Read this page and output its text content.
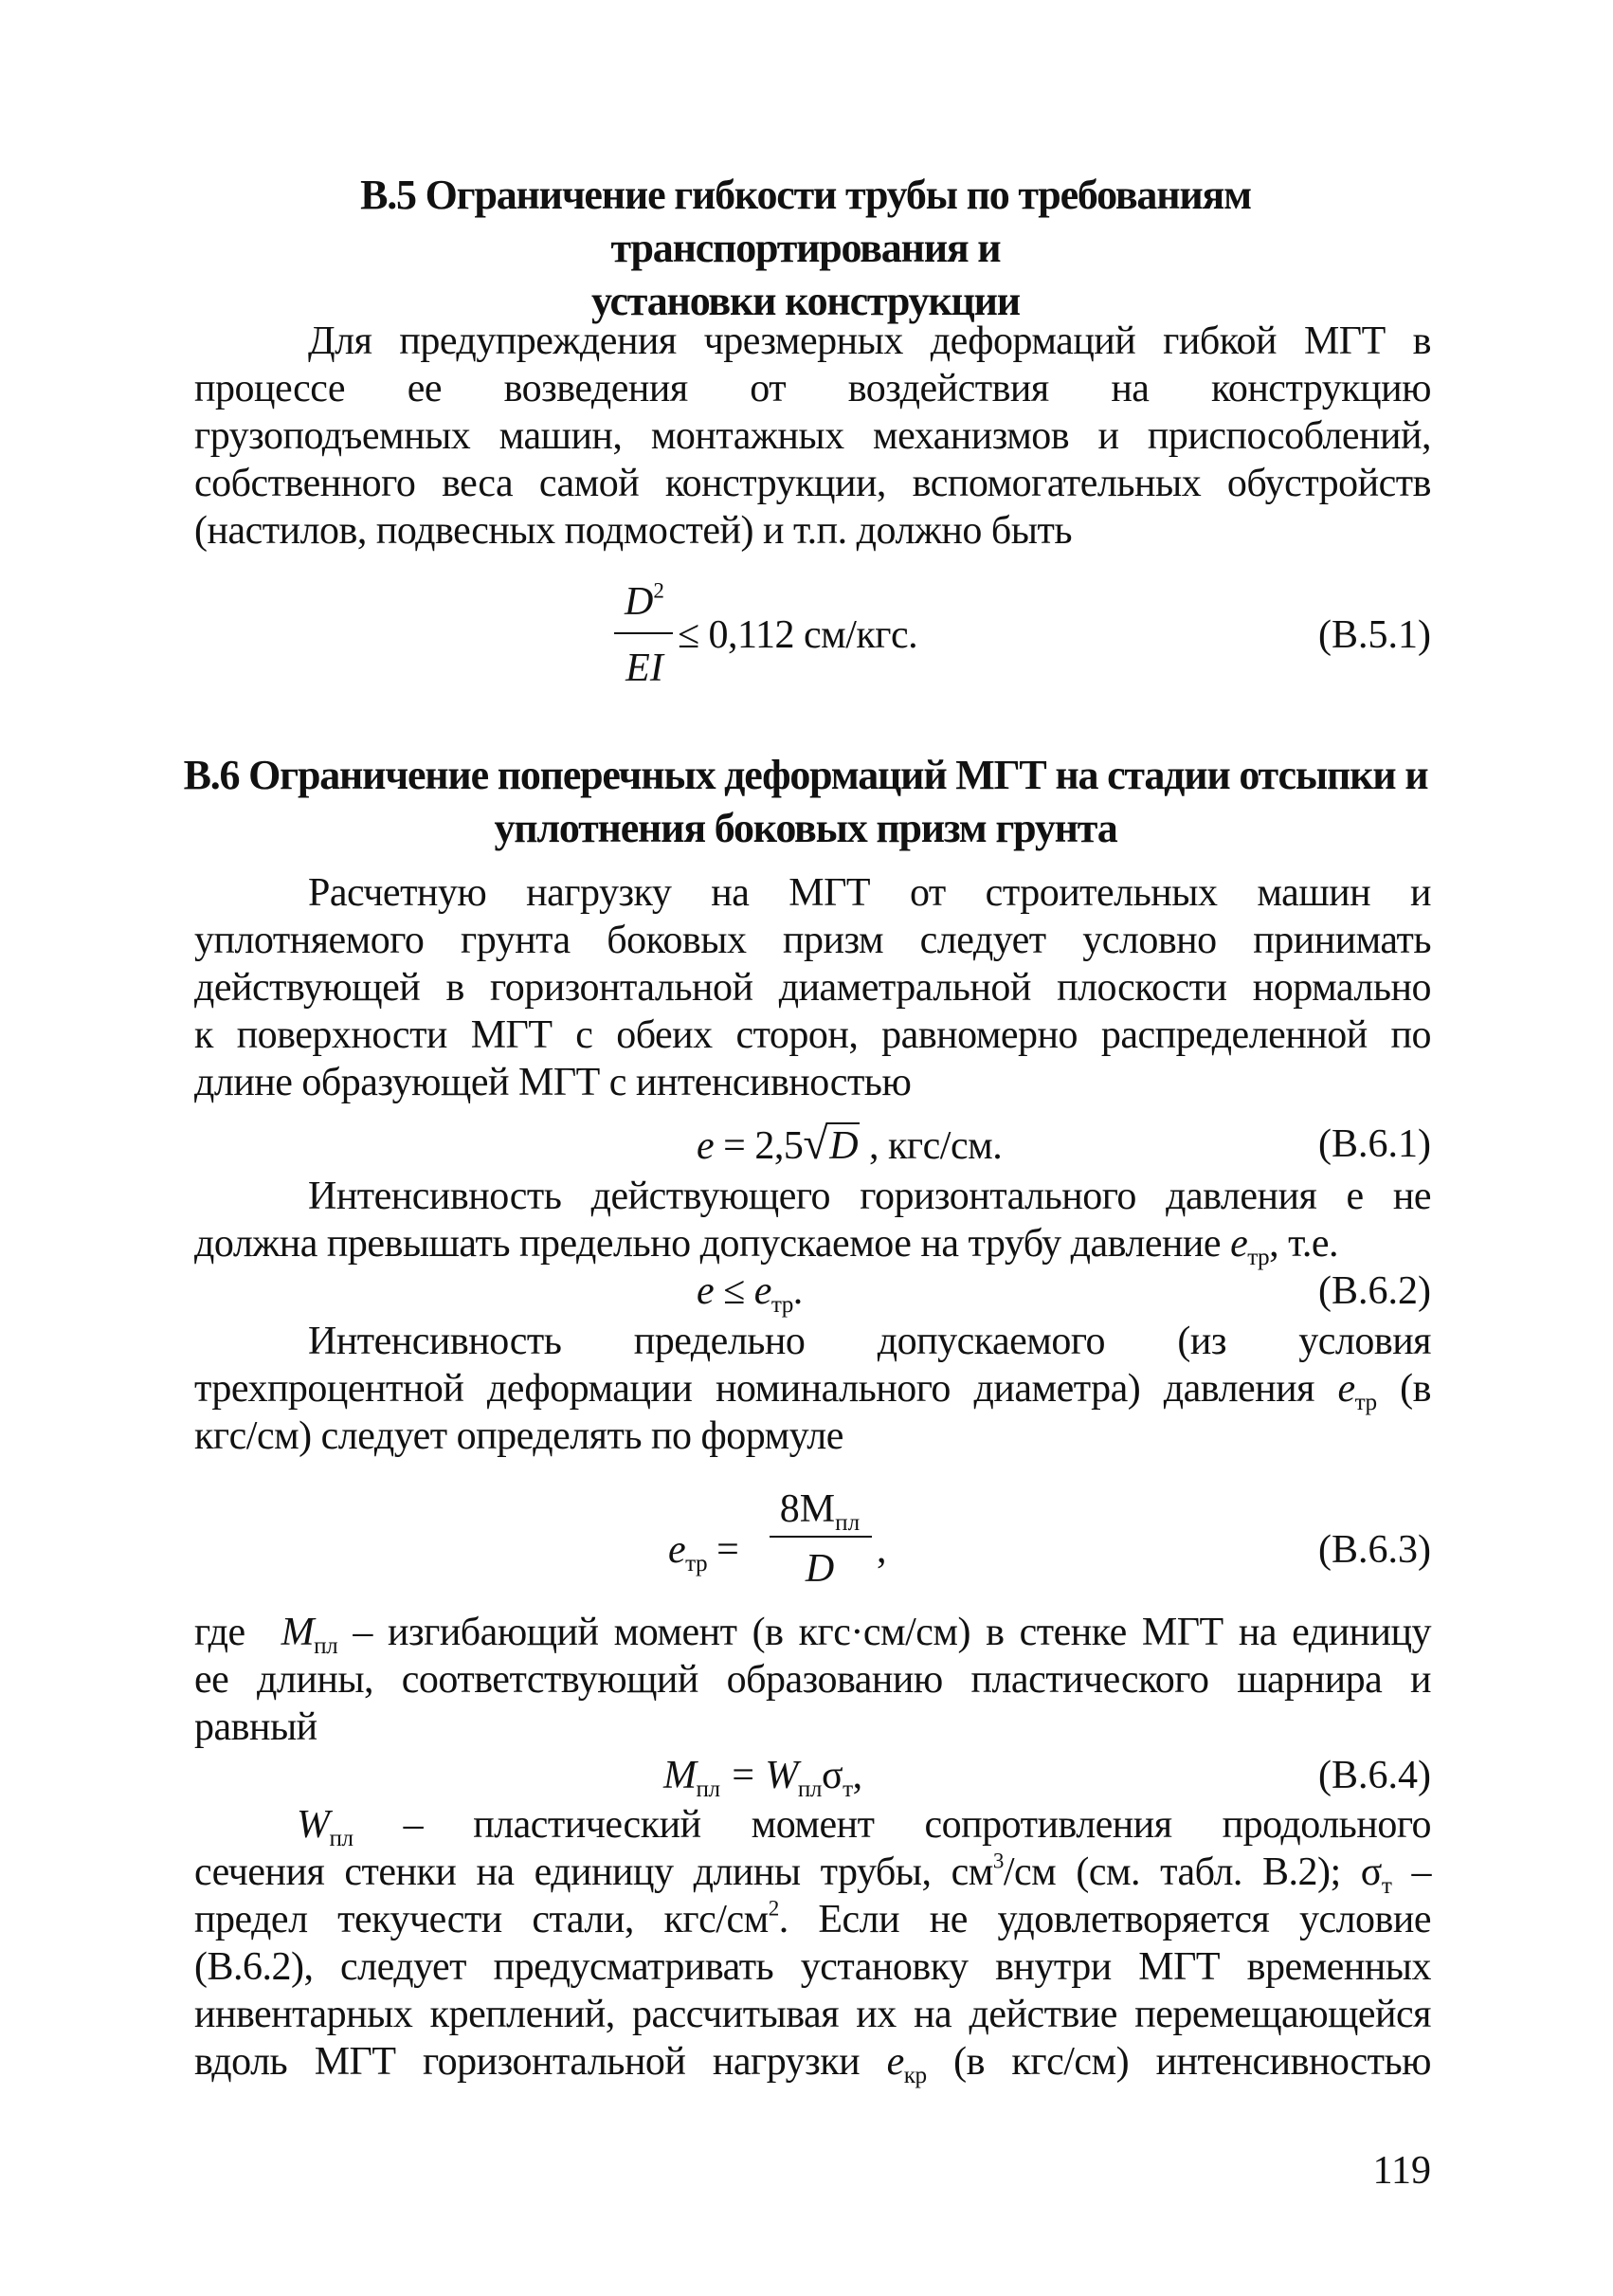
В.5 Ограничение гибкости трубы по требованиям транспортирования и
установки конструкции
Для предупреждения чрезмерных деформаций гибкой МГТ в
процессе ее возведения от воздействия на конструкцию
грузоподъемных машин, монтажных механизмов и приспособлений,
собственного веса самой конструкции, вспомогательных обустройств
(настилов, подвесных подмостей) и т.п. должно быть
$D^2$
EI
≤ 0,112 см/кгс.	(В.5.1)
В.6 Ограничение поперечных деформаций МГТ на стадии отсыпки и
уплотнения боковых призм грунта
Расчетную нагрузку на МГТ от строительных машин и
уплотняемого грунта боковых призм следует условно принимать
действующей в горизонтальной диаметральной плоскости нормально
к поверхности МГТ с обеих сторон, равномерно распределенной по
длине образующей МГТ с интенсивностью
e = 2,5√D , кгс/см.	(В.6.1)
Интенсивность действующего горизонтального давления e не
должна превышать предельно допускаемое на трубу давление $e_{тр}$, т.е.
$e \le e_{тр}$.	(В.6.2)
Интенсивность предельно допускаемого (из условия
трехпроцентной деформации номинального диаметра) давления $e_{тр}$ (в
кгс/см) следует определять по формуле
$e_{тр}$ =
$8M_{пл}$
D	,	(В.6.3)
где $M_{пл}$ – изгибающий момент (в кгс·см/см) в стенке МГТ на единицу
ее длины, соответствующий образованию пластического шарнира и
равный
$M_{пл} = W_{пл}\sigma_т$,	(В.6.4)
$W_{пл}$ – пластический момент сопротивления продольного
сечения стенки на единицу длины трубы, $см^3/см$ (см. табл. В.2); $\sigma_т$ –
предел текучести стали, кгс/$см^2$. Если не удовлетворяется условие
(В.6.2), следует предусматривать установку внутри МГТ временных
инвентарных креплений, рассчитывая их на действие перемещающейся
вдоль МГТ горизонтальной нагрузки $e_{кр}$ (в кгс/см) интенсивностью
119
